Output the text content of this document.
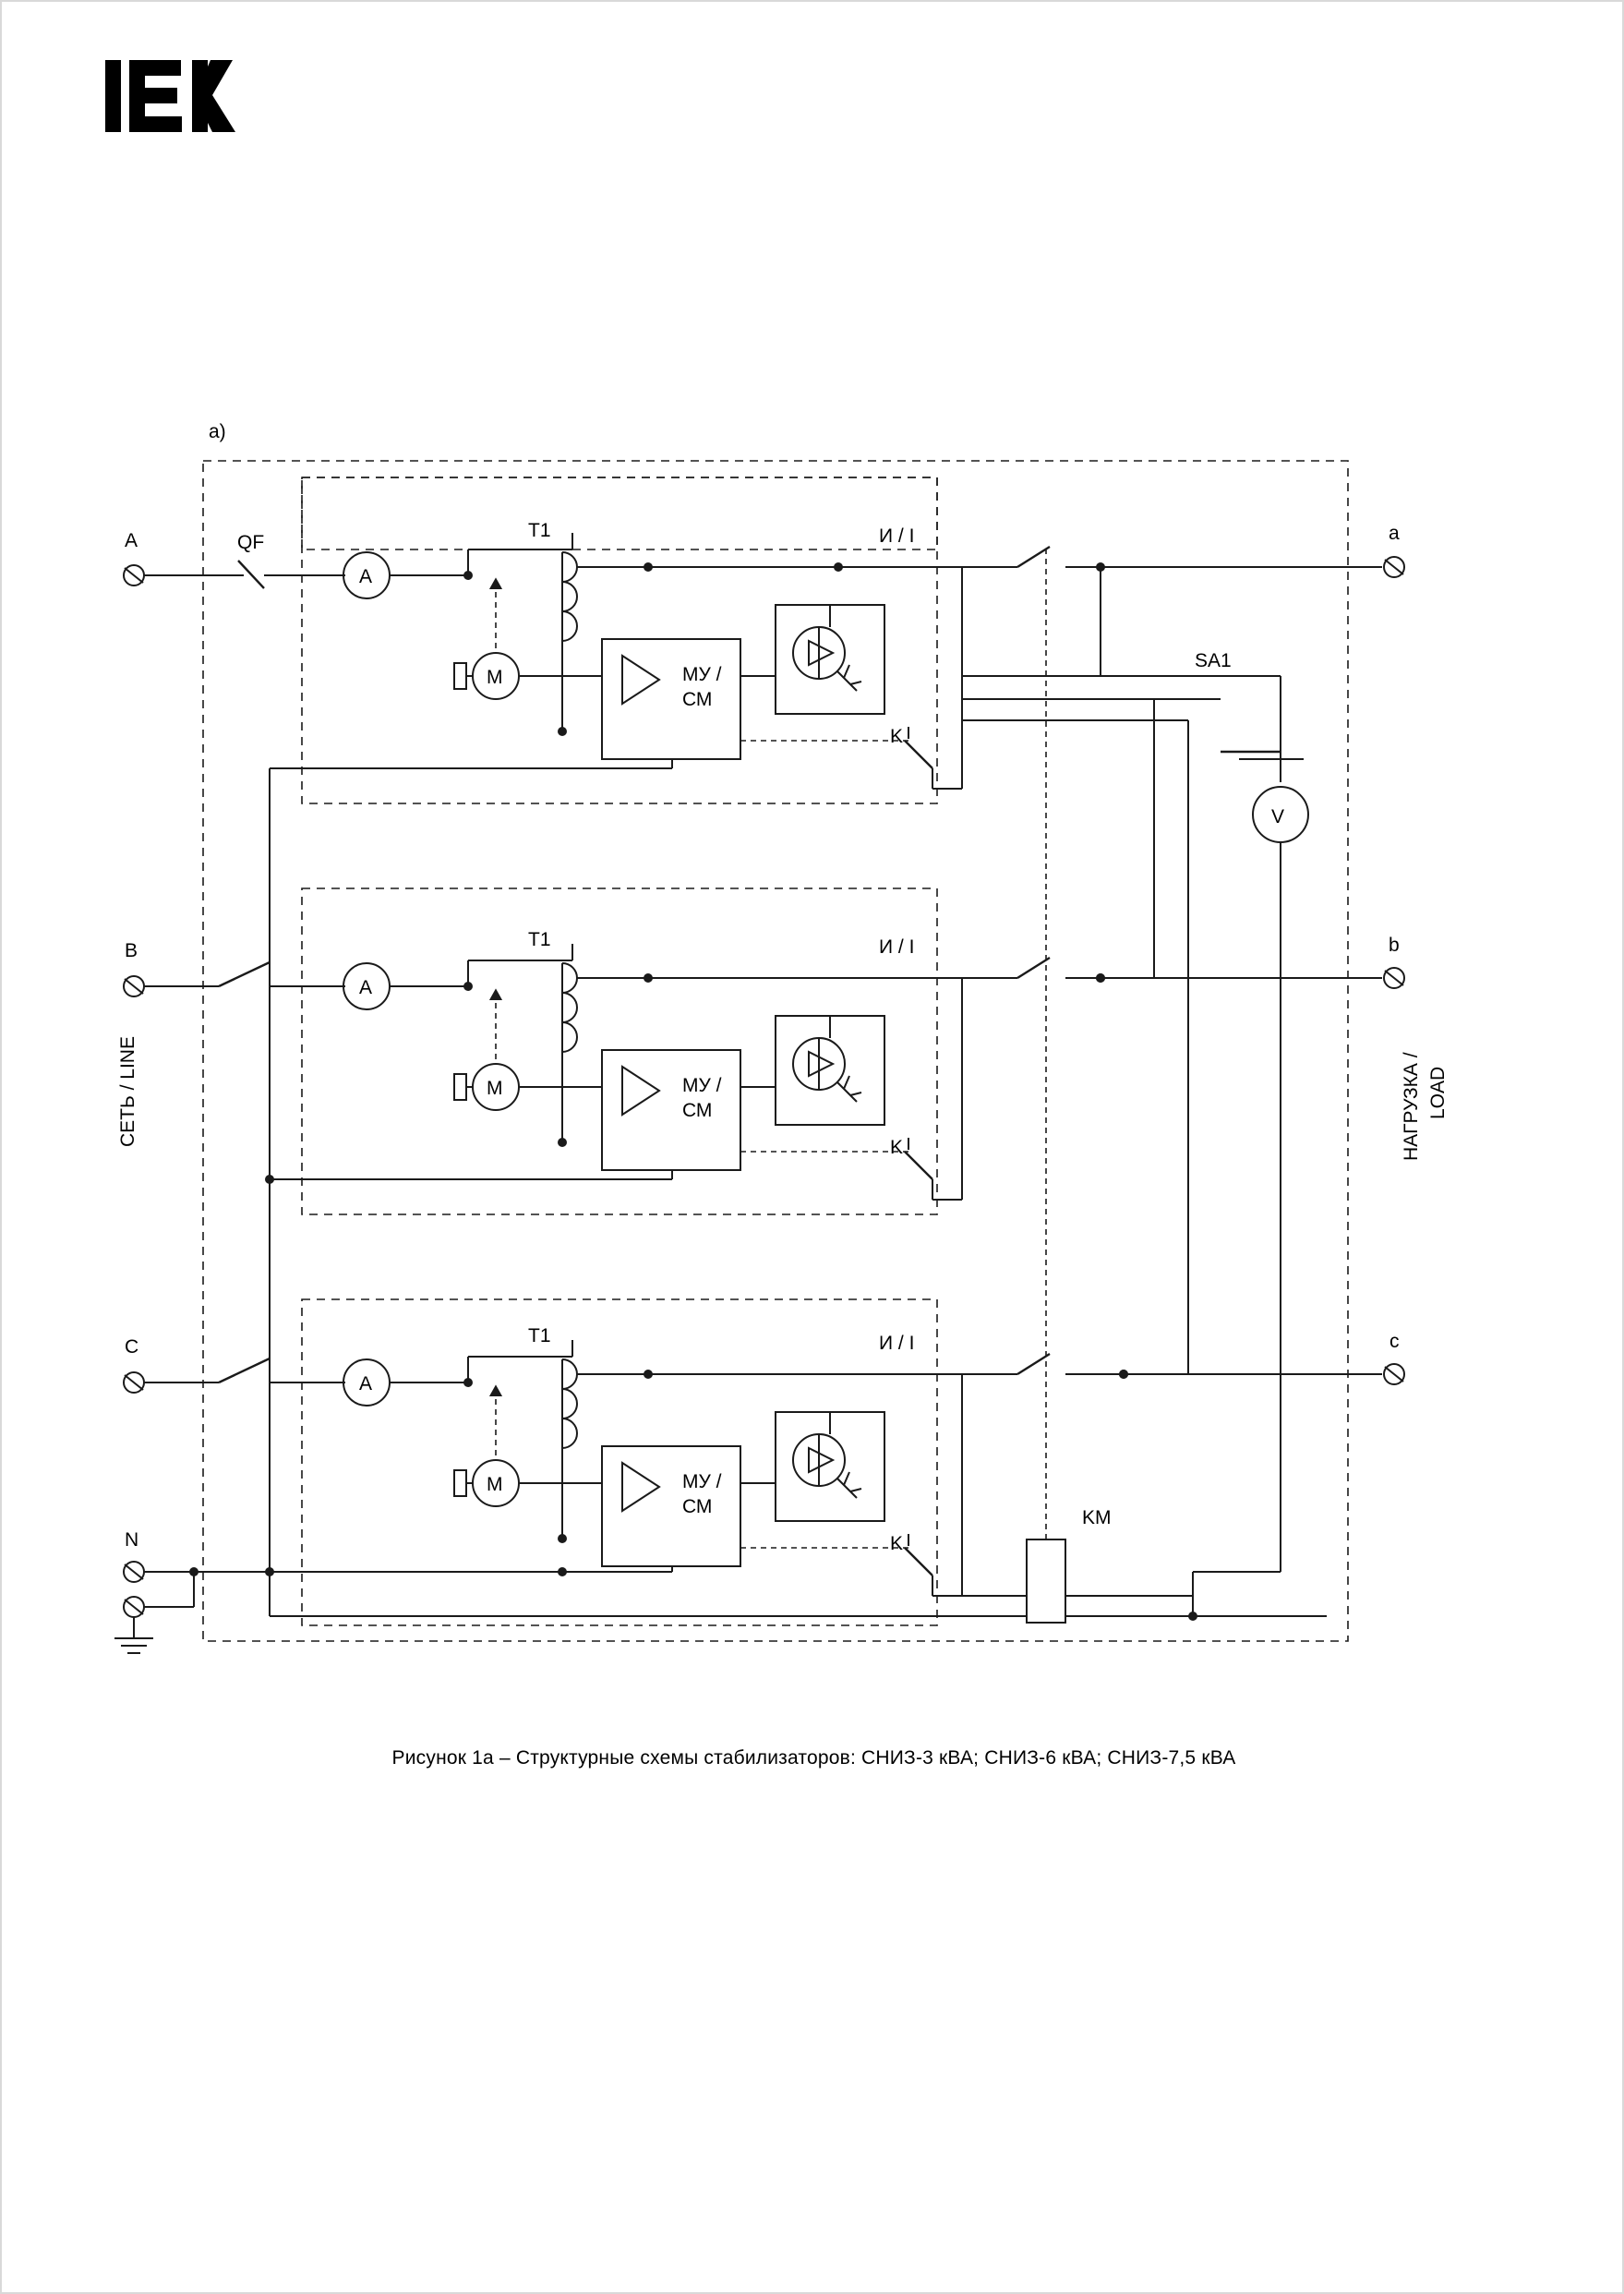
a)
СЕТЬ / LINE	НАГРУЗКА / LOAD
A	QF
A
T1
M	МУ /
СМ
И / I
K
a
B
A
T1
M	МУ /
СМ
И / I
K
b
C
A
T1
M	МУ /
СМ
И / I
K
c
N
KM
SA1
V
Рисунок 1а – Структурные схемы стабилизаторов: СНИЗ-3 кВА; СНИЗ-6 кВА; СНИЗ-7,5 кВА
